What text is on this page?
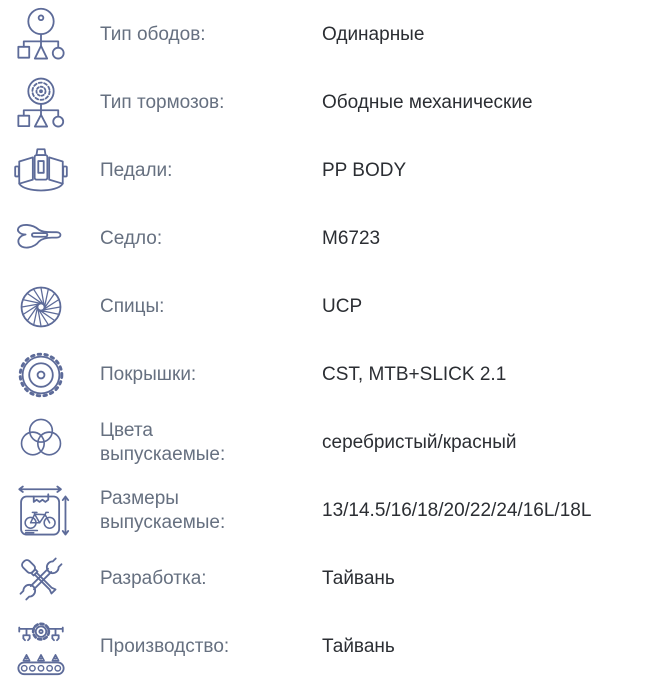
Тип ободов:	Одинарные
Тип тормозов:	Ободные механические
Педали:	PP BODY
Седло:	M6723
Спицы:	UCP
Покрышки:	CST, MTB+SLICK 2.1
Цвета выпускаемые:
серебристый/красный
Размеры выпускаемые:
13/14.5/16/18/20/22/24/16L/18L
Разработка:	Тайвань
Производство:	Тайвань
